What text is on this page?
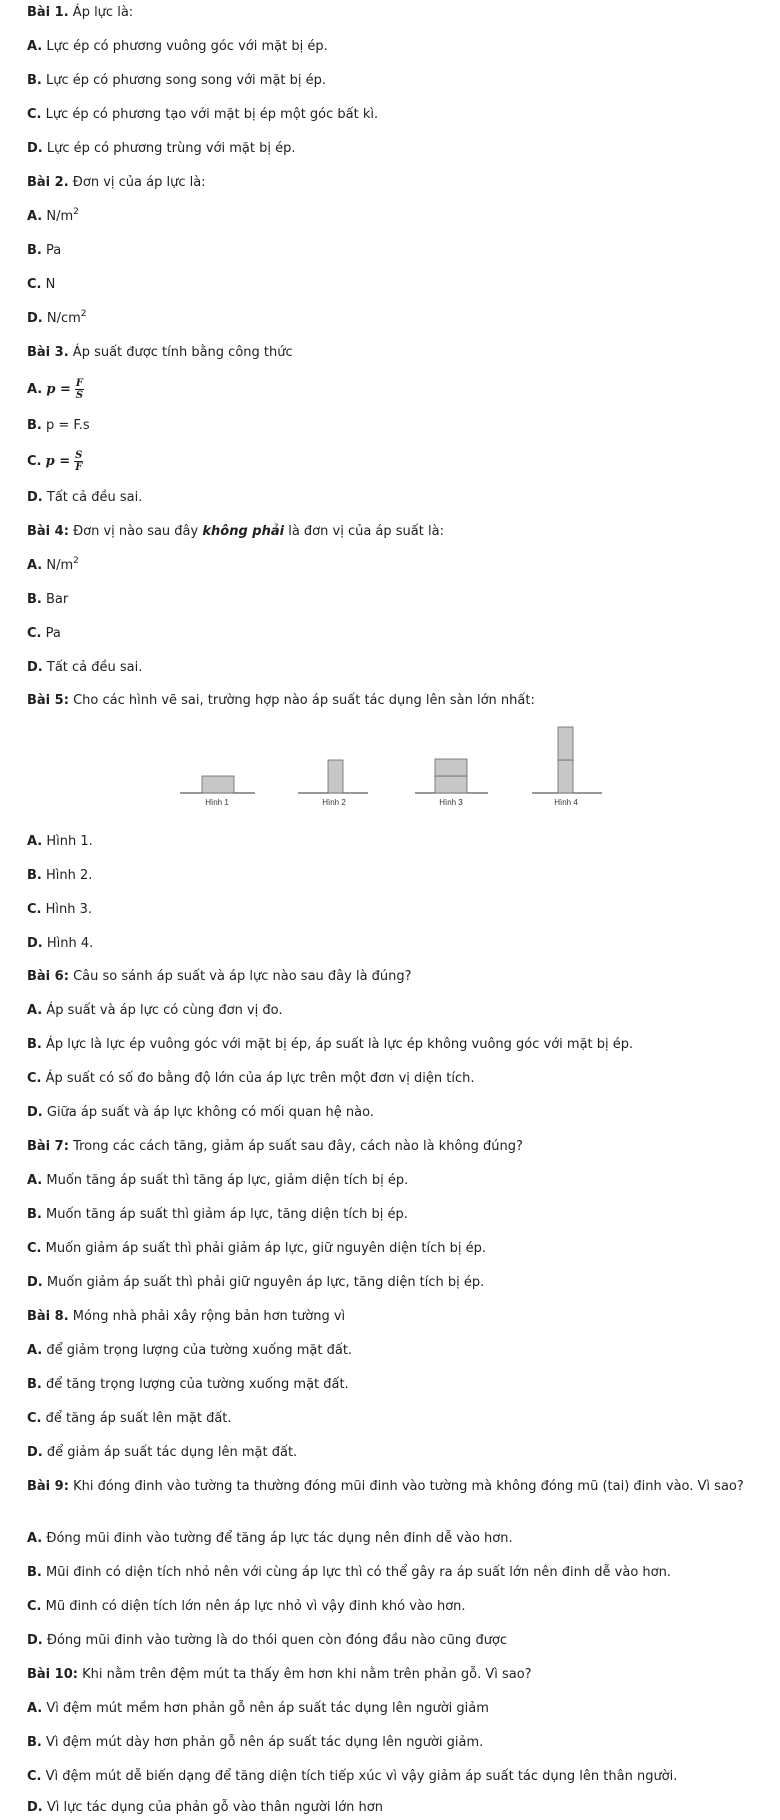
Bài 1. Áp lực là:
A. Lực ép có phương vuông góc với mặt bị ép.
B. Lực ép có phương song song với mặt bị ép.
C. Lực ép có phương tạo với mặt bị ép một góc bất kì.
D. Lực ép có phương trùng với mặt bị ép.
Bài 2. Đơn vị của áp lực là:
A. $N/m^2$
B. Pa
C. N
D. $N/cm^2$
Bài 3. Áp suất được tính bằng công thức
A. $p = \frac{F}{S}$
B. p = F.s
C. $p = \frac{S}{F}$
D. Tất cả đều sai.
Bài 4: Đơn vị nào sau đây không phải là đơn vị của áp suất là:
A. $N/m^2$
B. Bar
C. Pa
D. Tất cả đều sai.
Bài 5: Cho các hình vẽ sai, trường hợp nào áp suất tác dụng lên sàn lớn nhất:
Hình 1	Hình 2	Hình 3	Hình 4
A. Hình 1.
B. Hình 2.
C. Hình 3.
D. Hình 4.
Bài 6: Câu so sánh áp suất và áp lực nào sau đây là đúng?
A. Áp suất và áp lực có cùng đơn vị đo.
B. Áp lực là lực ép vuông góc với mặt bị ép, áp suất là lực ép không vuông góc với mặt bị ép.
C. Áp suất có số đo bằng độ lớn của áp lực trên một đơn vị diện tích.
D. Giữa áp suất và áp lực không có mối quan hệ nào.
Bài 7: Trong các cách tăng, giảm áp suất sau đây, cách nào là không đúng?
A. Muốn tăng áp suất thì tăng áp lực, giảm diện tích bị ép.
B. Muốn tăng áp suất thì giảm áp lực, tăng diện tích bị ép.
C. Muốn giảm áp suất thì phải giảm áp lực, giữ nguyên diện tích bị ép.
D. Muốn giảm áp suất thì phải giữ nguyên áp lực, tăng diện tích bị ép.
Bài 8. Móng nhà phải xây rộng bản hơn tường vì
A. để giảm trọng lượng của tường xuống mặt đất.
B. để tăng trọng lượng của tường xuống mặt đất.
C. để tăng áp suất lên mặt đất.
D. để giảm áp suất tác dụng lên mặt đất.
Bài 9: Khi đóng đinh vào tường ta thường đóng mũi đinh vào tường mà không đóng mũ (tai) đinh vào. Vì sao?
A. Đóng mũi đinh vào tường để tăng áp lực tác dụng nên đinh dễ vào hơn.
B. Mũi đinh có diện tích nhỏ nên với cùng áp lực thì có thể gây ra áp suất lớn nên đinh dễ vào hơn.
C. Mũ đinh có diện tích lớn nên áp lực nhỏ vì vậy đinh khó vào hơn.
D. Đóng mũi đinh vào tường là do thói quen còn đóng đầu nào cũng được
Bài 10: Khi nằm trên đệm mút ta thấy êm hơn khi nằm trên phản gỗ. Vì sao?
A. Vì đệm mút mềm hơn phản gỗ nên áp suất tác dụng lên người giảm
B. Vì đệm mút dày hơn phản gỗ nên áp suất tác dụng lên người giảm.
C. Vì đệm mút dễ biến dạng để tăng diện tích tiếp xúc vì vậy giảm áp suất tác dụng lên thân người.
D. Vì lực tác dụng của phản gỗ vào thân người lớn hơn
